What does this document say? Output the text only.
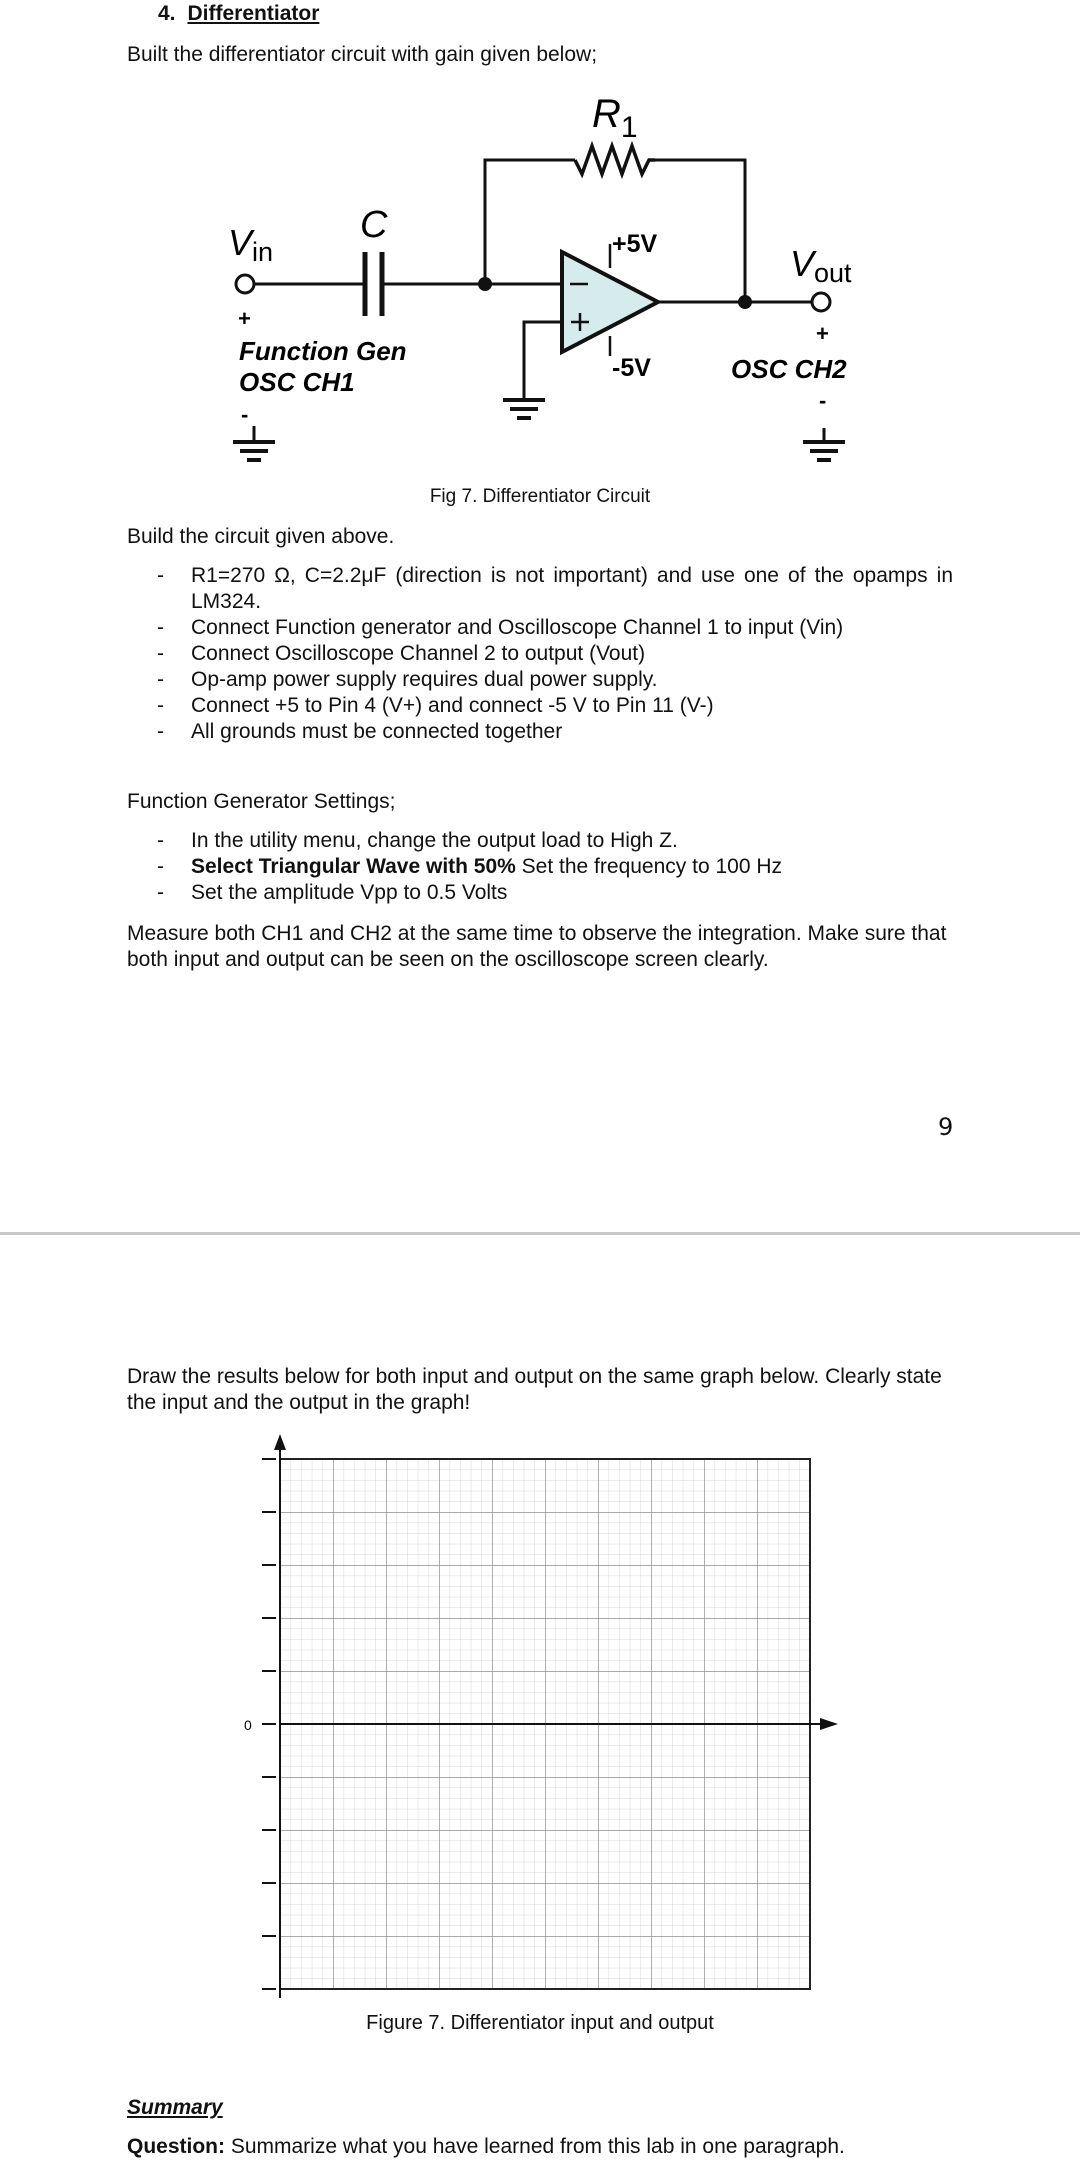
4. Differentiator
Built the differentiator circuit with gain given below;
$R_1$
C
Vin	Vout
+5V
-5V
+
Function Gen
OSC CH1
-
+
OSC CH2
-
Fig 7. Differentiator Circuit
Build the circuit given above.
- R1=270 Ω, C=2.2μF (direction is not important) and use one of the opamps in LM324.
- Connect Function generator and Oscilloscope Channel 1 to input (Vin)
- Connect Oscilloscope Channel 2 to output (Vout)
- Op-amp power supply requires dual power supply.
- Connect +5 to Pin 4 (V+) and connect -5 V to Pin 11 (V-)
- All grounds must be connected together
Function Generator Settings;
- In the utility menu, change the output load to High Z.
- Select Triangular Wave with 50% Set the frequency to 100 Hz
- Set the amplitude Vpp to 0.5 Volts
Measure both CH1 and CH2 at the same time to observe the integration. Make sure that both input and output can be seen on the oscilloscope screen clearly.
9
Draw the results below for both input and output on the same graph below. Clearly state the input and the output in the graph!
0
Figure 7. Differentiator input and output
Summary
Question: Summarize what you have learned from this lab in one paragraph.
